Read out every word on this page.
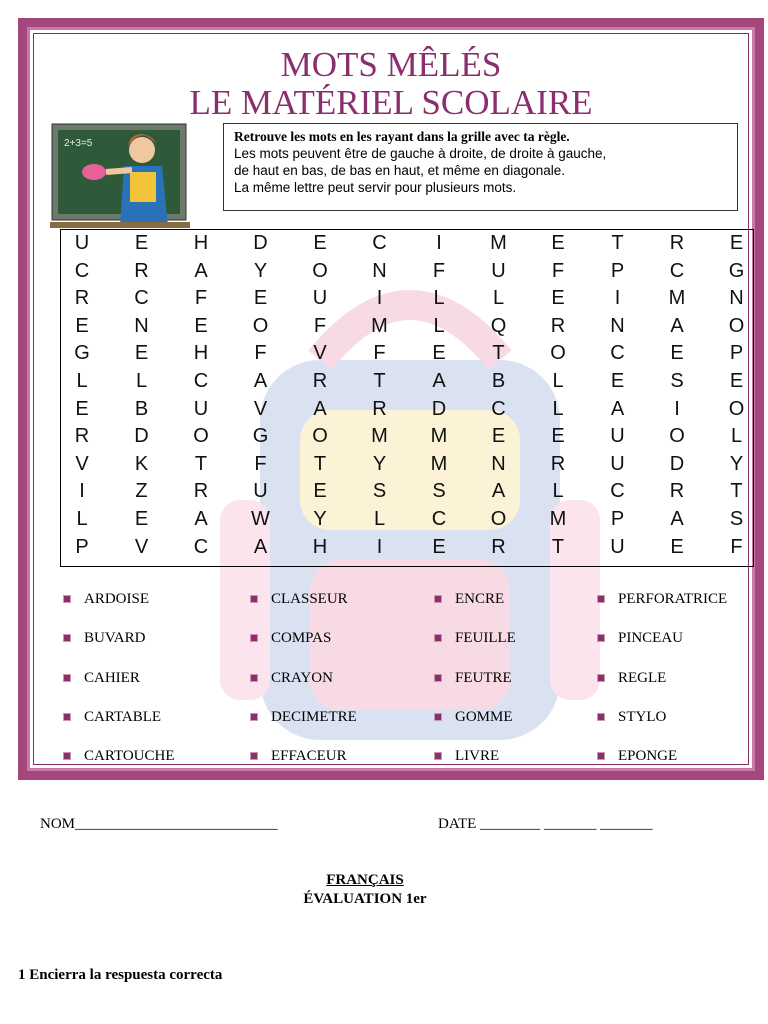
MOTS MÊLÉS
LE MATÉRIEL SCOLAIRE
2+3=5	Retrouve les mots en les rayant dans la grille avec ta règle.
Les mots peuvent être de gauche à droite, de droite à gauche,
de haut en bas, de bas en haut, et même en diagonale.
La même lettre peut servir pour plusieurs mots.
U	E	H	D	E	C	I	M	E	T	R	E
C	R	A	Y	O	N	F	U	F	P	C	G
R	C	F	E	U	I	L	L	E	I	M	N
E	N	E	O	F	M	L	Q	R	N	A	O
G	E	H	F	V	F	E	T	O	C	E	P
L	L	C	A	R	T	A	B	L	E	S	E
E	B	U	V	A	R	D	C	L	A	I	O
R	D	O	G	O	M	M	E	E	U	O	L
V	K	T	F	T	Y	M	N	R	U	D	Y
I	Z	R	U	E	S	S	A	L	C	R	T
L	E	A	W	Y	L	C	O	M	P	A	S
P	V	C	A	H	I	E	R	T	U	E	F
ARDOISE
BUVARD
CAHIER
CARTABLE
CARTOUCHE
CLASSEUR
COMPAS
CRAYON
DECIMETRE
EFFACEUR
ENCRE
FEUILLE
FEUTRE
GOMME
LIVRE
PERFORATRICE
PINCEAU
REGLE
STYLO
EPONGE
NOM___________________________	DATE ________ _______ _______
FRANÇAIS
ÉVALUATION 1er
1 Encierra la respuesta correcta
